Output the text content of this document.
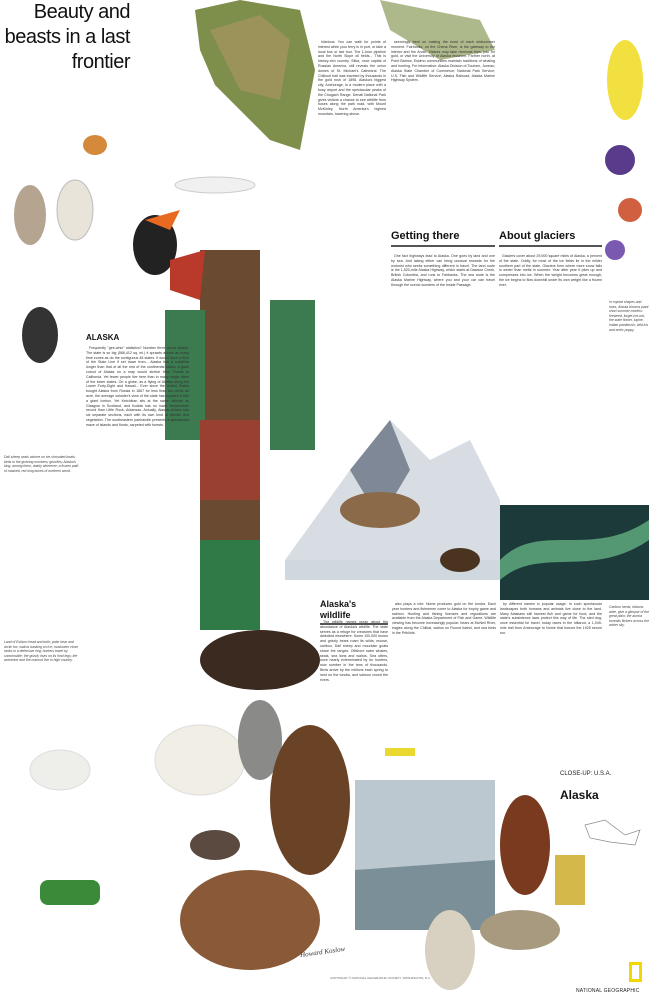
Beauty and beasts in a last frontier
ALASKA

Frequently "gee-whiz" statistics? Number three about Alaska. The state is so big (586,412 sq. mi.) it sprawls across as many time zones as do the contiguous 48 states. It would have a third of the State Line if set down from... Alaska has a coastline longer than that of all the rest of the continental states. A giant cutout of Alaska on a map would stretch from Florida to California. Yet fewer people live here than in many single cities of the lower states. On a globe, as a flying of Alaska along the Lower Forty-Eight and Hawaii... Ever since the United States bought Alaska from Russia in 1867 for less than two cents an acre, the average outsider's view of the state has equated it with a giant icebox. Yet Ketchikan sits at the same latitude as Glasgow in Scotland, and Kodiak has no lower temperature record than Little Rock, Arkansas. Actually, Alaska divides into six separate sections, each with its own kind of climate and vegetation. The southeastern panhandle presents a spectacular maze of islands and fiords, carpeted with forests.

hilarious. You can walk for points of interest while your ferry is in port, or take a local bus or taxi tour. The 1-hour pipeline and the North Slope oil fields... This is history-rich country. Sitka, once capital of Russian America, still reveals the onion domes of St. Michael's Cathedral. The Chilkoot trail was traveled by thousands in the gold rush of 1898. Alaska's biggest city, Anchorage, is a modern place with a busy airport and the spectacular peaks of the Chugach Range. Denali National Park gives visitors a chance to see wildlife from buses along the park road, with Mount McKinley, North America's highest mountain, towering above.

seemingly bent on making the most of each midsummer moment. Fairbanks, on the Chena River, is the gateway to the interior and the Arctic. Visitors may take riverboat trips, pan for gold, or visit the University of Alaska museum. Farther north, at Point Barrow, Eskimo communities maintain traditions of whaling and hunting. For information: Alaska Division of Tourism, Juneau; Alaska State Chamber of Commerce; National Park Service; U.S. Fish and Wildlife Service; Alaska Railroad; Alaska Marine Highway System.

Getting there

One fact highways lead to Alaska. One goes by land and one by sea. And taking either can bring unusual rewards for the motorist who seeks something different in travel. The land route is the 1,520-mile Alaska Highway, which starts at Dawson Creek, British Columbia, and runs to Fairbanks. The sea route is the Alaska Marine Highway, where you and your car can travel through the scenic wonders of the Inside Passage.

About glaciers

Glaciers cover about 29,000 square miles of Alaska, a percent of the state. Oddly, for most of the ice fields lie in the milder southern part of the state. Glaciers form where more snow falls in winter than melts in summer. Year after year it piles up and compresses into ice. When the weight becomes great enough, the ice begins to flow downhill under its own weight like a frozen river.

Alaska's wildlife

The wildlife names mean about the abundance of Alaska's wildlife. The state serves as a refuge for creatures that have dwindled elsewhere. Some 100,000 brown and grizzly bears roam its wilds; moose, caribou, Dall sheep and mountain goats share the ranges. Offshore swim whales, seals, sea lions and walrus. Sea otters, once nearly exterminated by fur hunters, now number in the tens of thousands. Birds arrive by the millions each spring to nest on the tundra, and salmon crowd the rivers.

also plays a role: Nome produces gold on the tundra. Each year hunters and fishermen come to Alaska for trophy game and salmon. Hunting and fishing licenses and regulations are available from the Alaska Department of Fish and Game. Wildlife viewing has become increasingly popular: bears at McNeil River, eagles along the Chilkat, walrus on Round Island, and sea birds in the Pribilofs.

by different names in popular usage. In such spectacular landscapes both humans and animals live close to the land. Many Alaskans still harvest fish and game for food, and the state's subsistence laws protect this way of life. The sled dog, once essential for travel, today races in the Iditarod, a 1,049-mile trail from Anchorage to Nome that honors the 1925 serum run.

Dall sheep seals ashore on ice-shrouded boats; birds in the growing numbers; grizzlies; Alaska's king, among them, dainty wherever; a frozen path of masked, red king boxes of northern wood.
Land of Eskimo head and both; polar bear and arctic fox, walrus basking on ice; muskoxen close ranks in a defensive ring; hunters travel by snowmobile; the grizzly rises on its hind legs; the wolverine and the marmot live in high country.
In myriad shapes and hues, Alaska blooms paint short summer months: fireweed, forget-me-not, the state flower, lupine, Indian paintbrush, wild iris and arctic poppy.
Caribou herds, ribbons wide, give a glimpse of the great plain; the aurora borealis flickers across the winter sky.
CLOSE-UP: U.S.A.
Alaska
Howard Koslow
COPYRIGHT © NATIONAL GEOGRAPHIC SOCIETY, WASHINGTON, D.C.
NATIONAL GEOGRAPHIC
